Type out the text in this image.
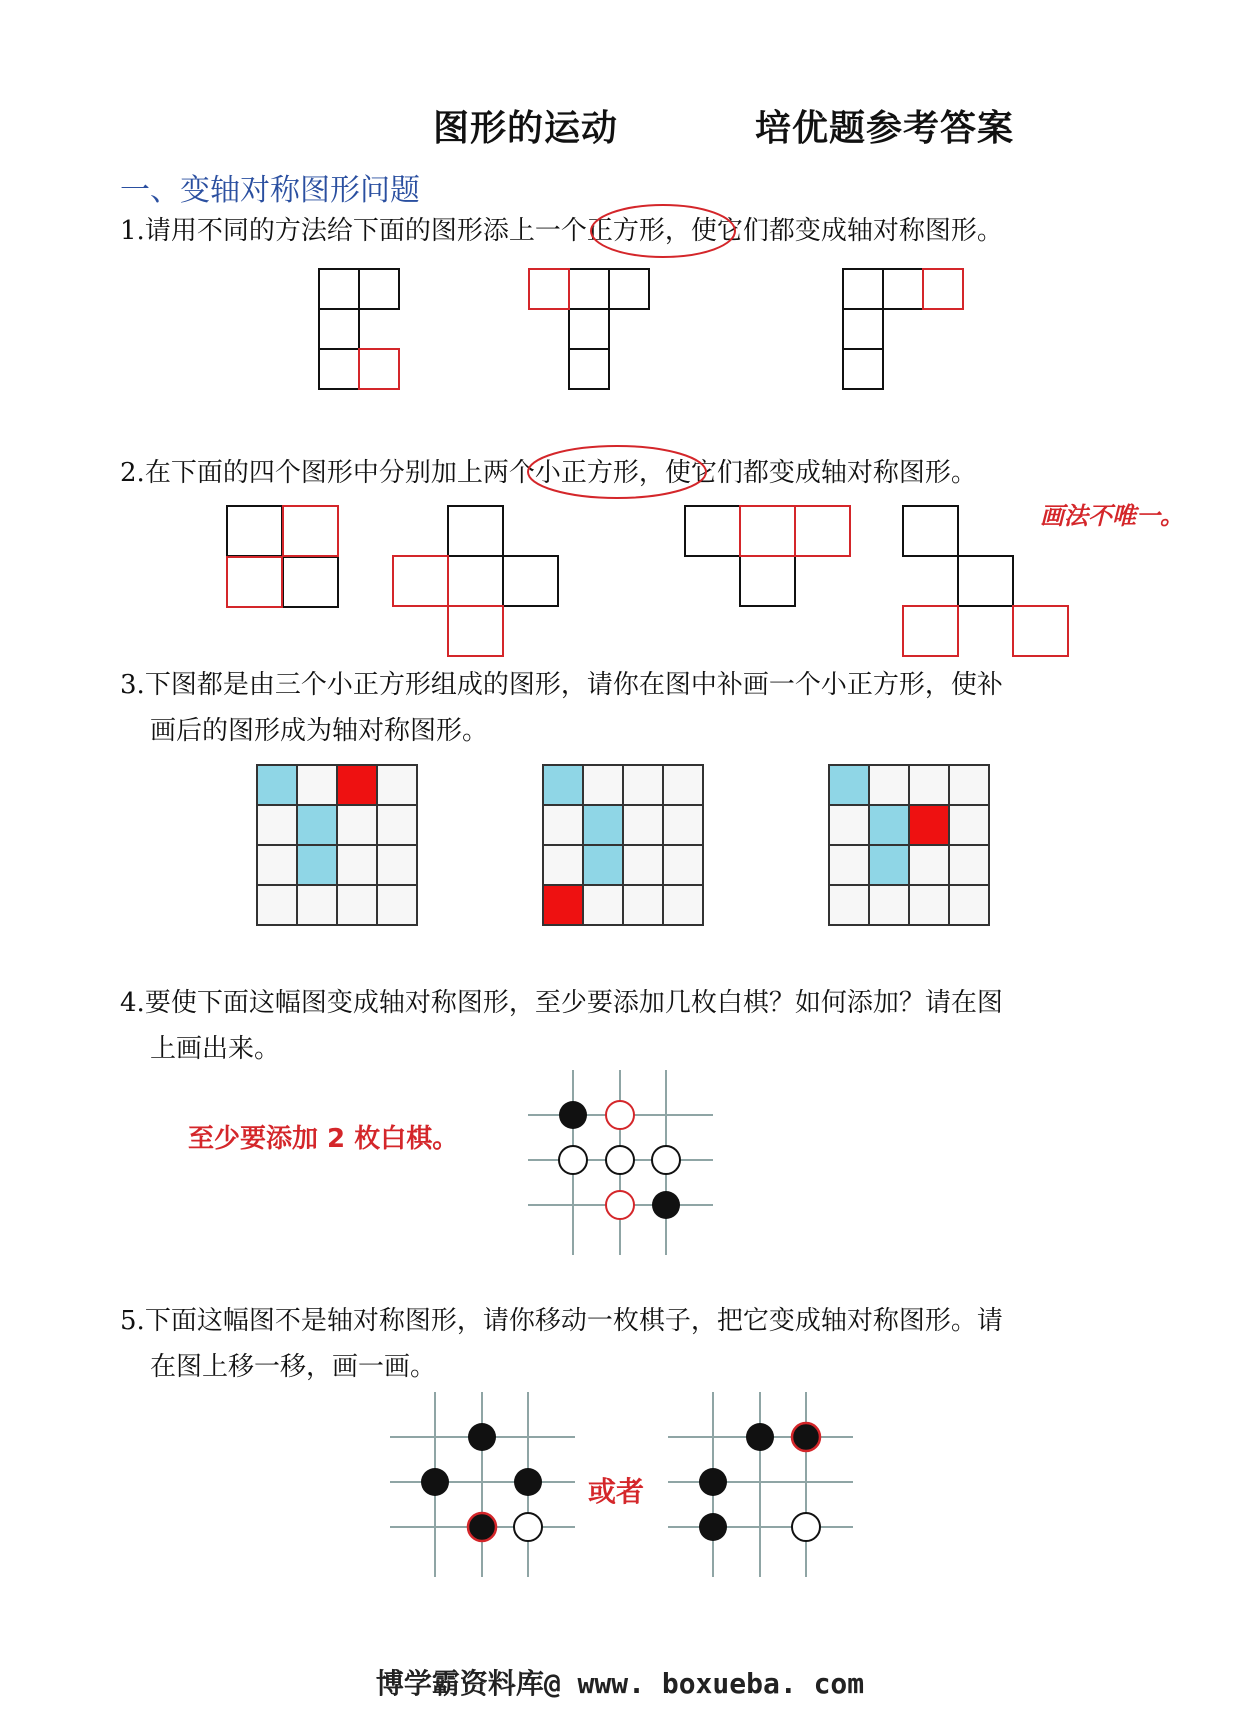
图形的运动	培优题参考答案
一、变轴对称图形问题
1.请用不同的方法给下面的图形添上一个正方形，使它们都变成轴对称图形。
2.在下面的四个图形中分别加上两个小正方形，使它们都变成轴对称图形。
画法不唯一。
3.下图都是由三个小正方形组成的图形，请你在图中补画一个小正方形，使补
画后的图形成为轴对称图形。
4.要使下面这幅图变成轴对称图形，至少要添加几枚白棋？如何添加？请在图
上画出来。
至少要添加 2 枚白棋。
5.下面这幅图不是轴对称图形，请你移动一枚棋子，把它变成轴对称图形。请
在图上移一移，画一画。
或者
博学霸资料库@ www. boxueba. com
